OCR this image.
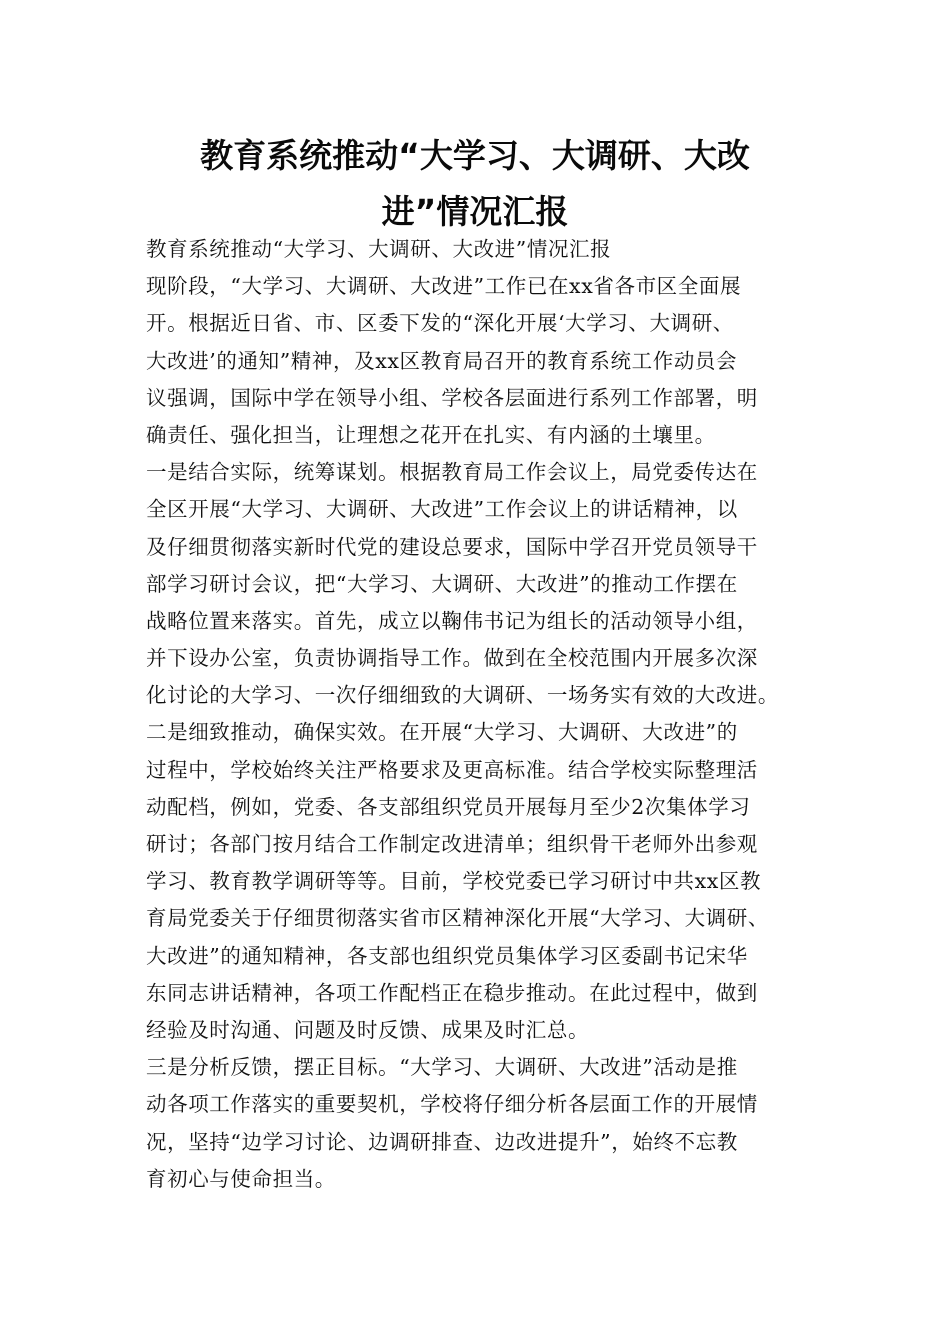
教育系统推动“大学习、大调研、大改
进”情况汇报
教育系统推动“大学习、大调研、大改进”情况汇报
现阶段，“大学习、大调研、大改进”工作已在xx省各市区全面展
开。根据近日省、市、区委下发的“深化开展‘大学习、大调研、
大改进’的通知”精神，及xx区教育局召开的教育系统工作动员会
议强调，国际中学在领导小组、学校各层面进行系列工作部署，明
确责任、强化担当，让理想之花开在扎实、有内涵的土壤里。
一是结合实际，统筹谋划。根据教育局工作会议上，局党委传达在
全区开展“大学习、大调研、大改进”工作会议上的讲话精神，以
及仔细贯彻落实新时代党的建设总要求，国际中学召开党员领导干
部学习研讨会议，把“大学习、大调研、大改进”的推动工作摆在
战略位置来落实。首先，成立以鞠伟书记为组长的活动领导小组，
并下设办公室，负责协调指导工作。做到在全校范围内开展多次深
化讨论的大学习、一次仔细细致的大调研、一场务实有效的大改进。
二是细致推动，确保实效。在开展“大学习、大调研、大改进”的
过程中，学校始终关注严格要求及更高标准。结合学校实际整理活
动配档，例如，党委、各支部组织党员开展每月至少2次集体学习
研讨；各部门按月结合工作制定改进清单；组织骨干老师外出参观
学习、教育教学调研等等。目前，学校党委已学习研讨中共xx区教
育局党委关于仔细贯彻落实省市区精神深化开展“大学习、大调研、
大改进”的通知精神，各支部也组织党员集体学习区委副书记宋华
东同志讲话精神，各项工作配档正在稳步推动。在此过程中，做到
经验及时沟通、问题及时反馈、成果及时汇总。
三是分析反馈，摆正目标。“大学习、大调研、大改进”活动是推
动各项工作落实的重要契机，学校将仔细分析各层面工作的开展情
况，坚持“边学习讨论、边调研排查、边改进提升”，始终不忘教
育初心与使命担当。
